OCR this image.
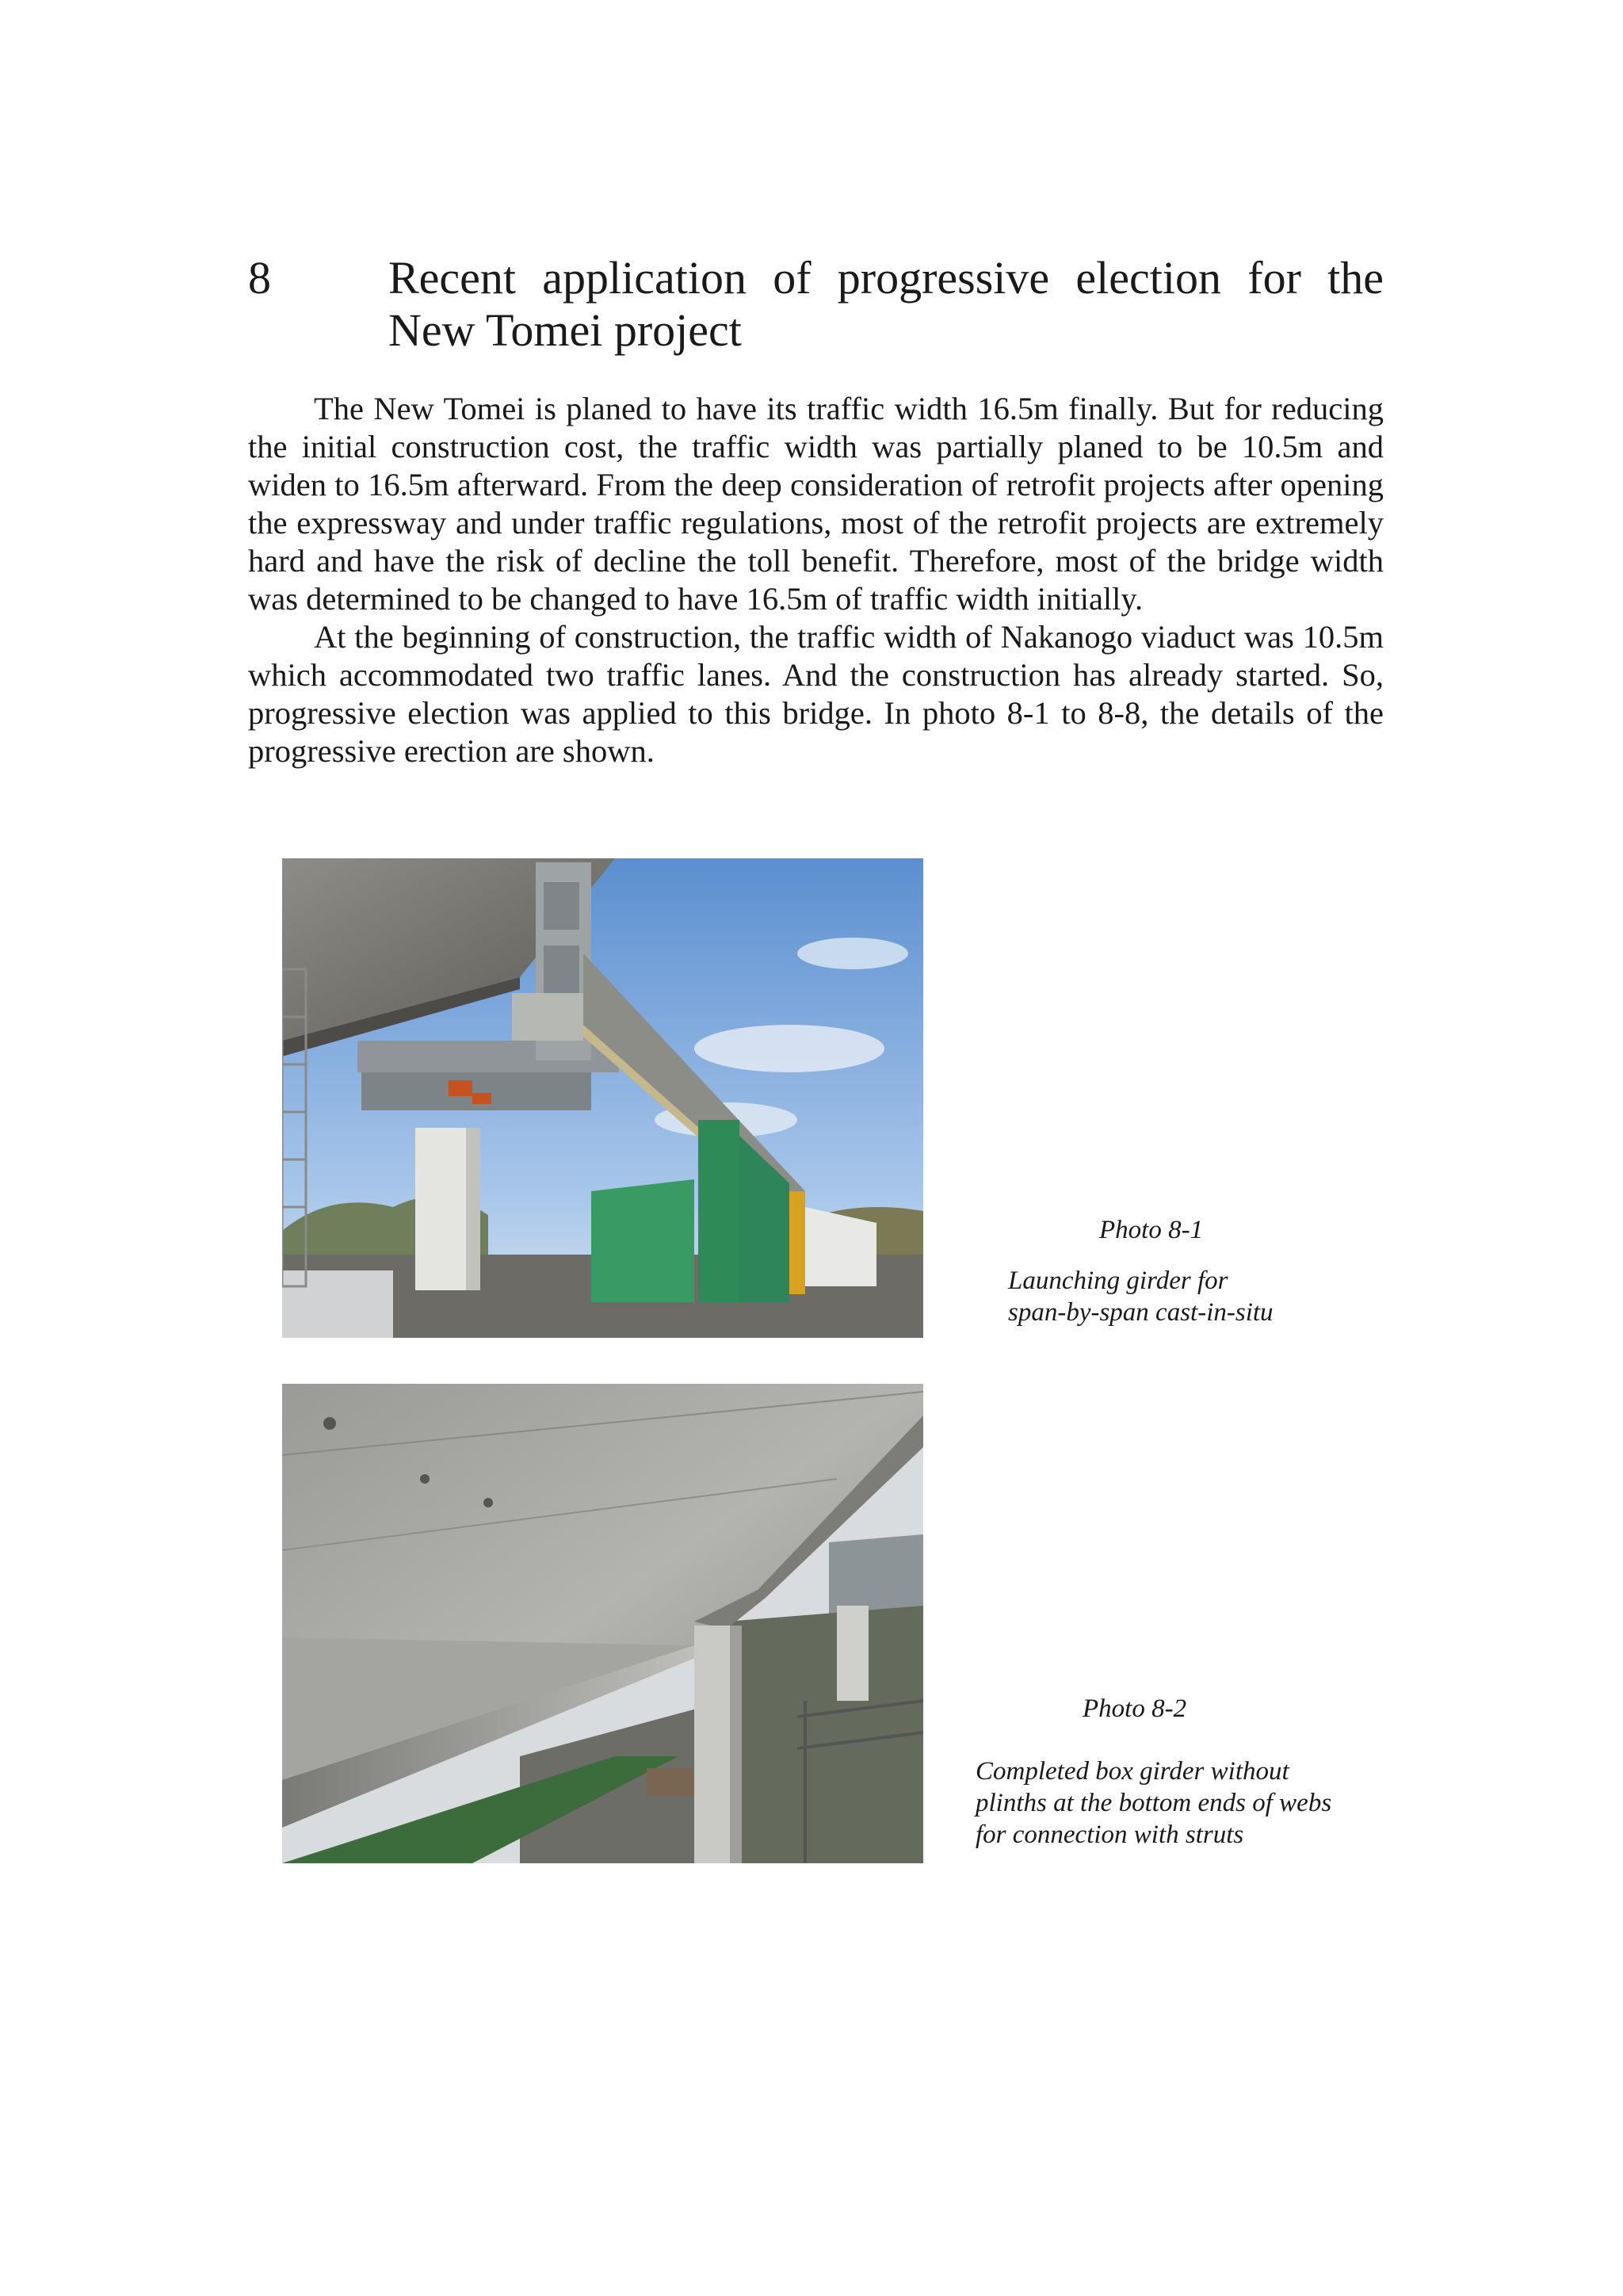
8	Recent application of progressive election for the New Tomei project

The New Tomei is planed to have its traffic width 16.5m finally. But for reducing the initial construction cost, the traffic width was partially planed to be 10.5m and widen to 16.5m afterward. From the deep consideration of retrofit projects after opening the expressway and under traffic regulations, most of the retrofit projects are extremely hard and have the risk of decline the toll benefit. Therefore, most of the bridge width was determined to be changed to have 16.5m of traffic width initially.

At the beginning of construction, the traffic width of Nakanogo viaduct was 10.5m which accommodated two traffic lanes. And the construction has already started. So, progressive election was applied to this bridge. In photo 8-1 to 8-8, the details of the progressive erection are shown.

Photo 8-1
Launching girder for
span-by-span cast-in-situ
Photo 8-2
Completed box girder without
plinths at the bottom ends of webs
for connection with struts
